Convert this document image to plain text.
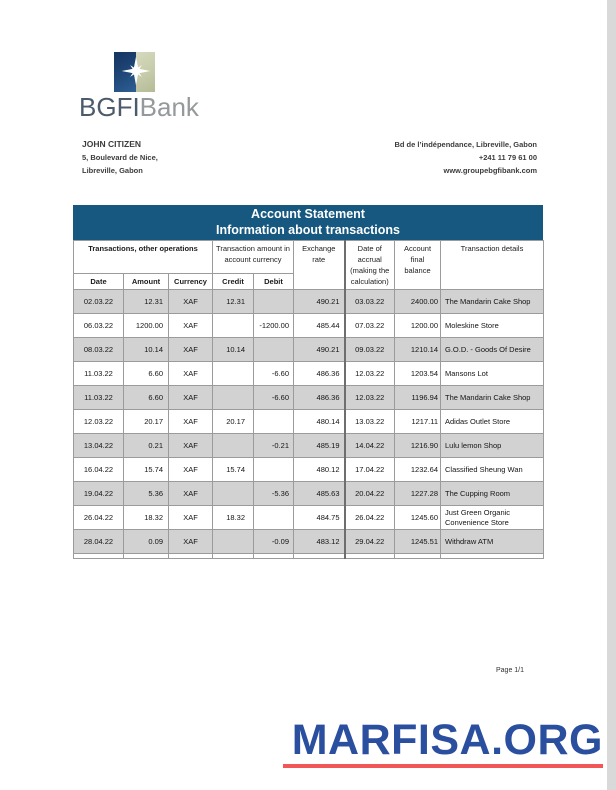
BGFIBank
JOHN CITIZEN
5, Boulevard de Nice,
Libreville, Gabon
Bd de l’indépendance, Libreville, Gabon
+241 11 79 61 00
www.groupebgfibank.com
Account Statement
Information about transactions
Transactions, other operations			Transaction amount in account currency		Exchange rate	Date of accrual (making the calculation)	Account final balance	Transaction details
Date	Amount	Currency	Credit	Debit				
02.03.22	12.31	XAF	12.31		490.21	03.03.22	2400.00	The Mandarin Cake Shop
06.03.22	1200.00	XAF		-1200.00	485.44	07.03.22	1200.00	Moleskine Store
08.03.22	10.14	XAF	10.14		490.21	09.03.22	1210.14	G.O.D. - Goods Of Desire
11.03.22	6.60	XAF		-6.60	486.36	12.03.22	1203.54	Mansons Lot
11.03.22	6.60	XAF		-6.60	486.36	12.03.22	1196.94	The Mandarin Cake Shop
12.03.22	20.17	XAF	20.17		480.14	13.03.22	1217.11	Adidas Outlet Store
13.04.22	0.21	XAF		-0.21	485.19	14.04.22	1216.90	Lulu lemon Shop
16.04.22	15.74	XAF	15.74		480.12	17.04.22	1232.64	Classified Sheung Wan
19.04.22	5.36	XAF		-5.36	485.63	20.04.22	1227.28	The Cupping Room
26.04.22	18.32	XAF	18.32		484.75	26.04.22	1245.60	Just Green Organic Convenience Store
28.04.22	0.09	XAF		-0.09	483.12	29.04.22	1245.51	Withdraw ATM

Page 1/1
MARFISA.ORG
